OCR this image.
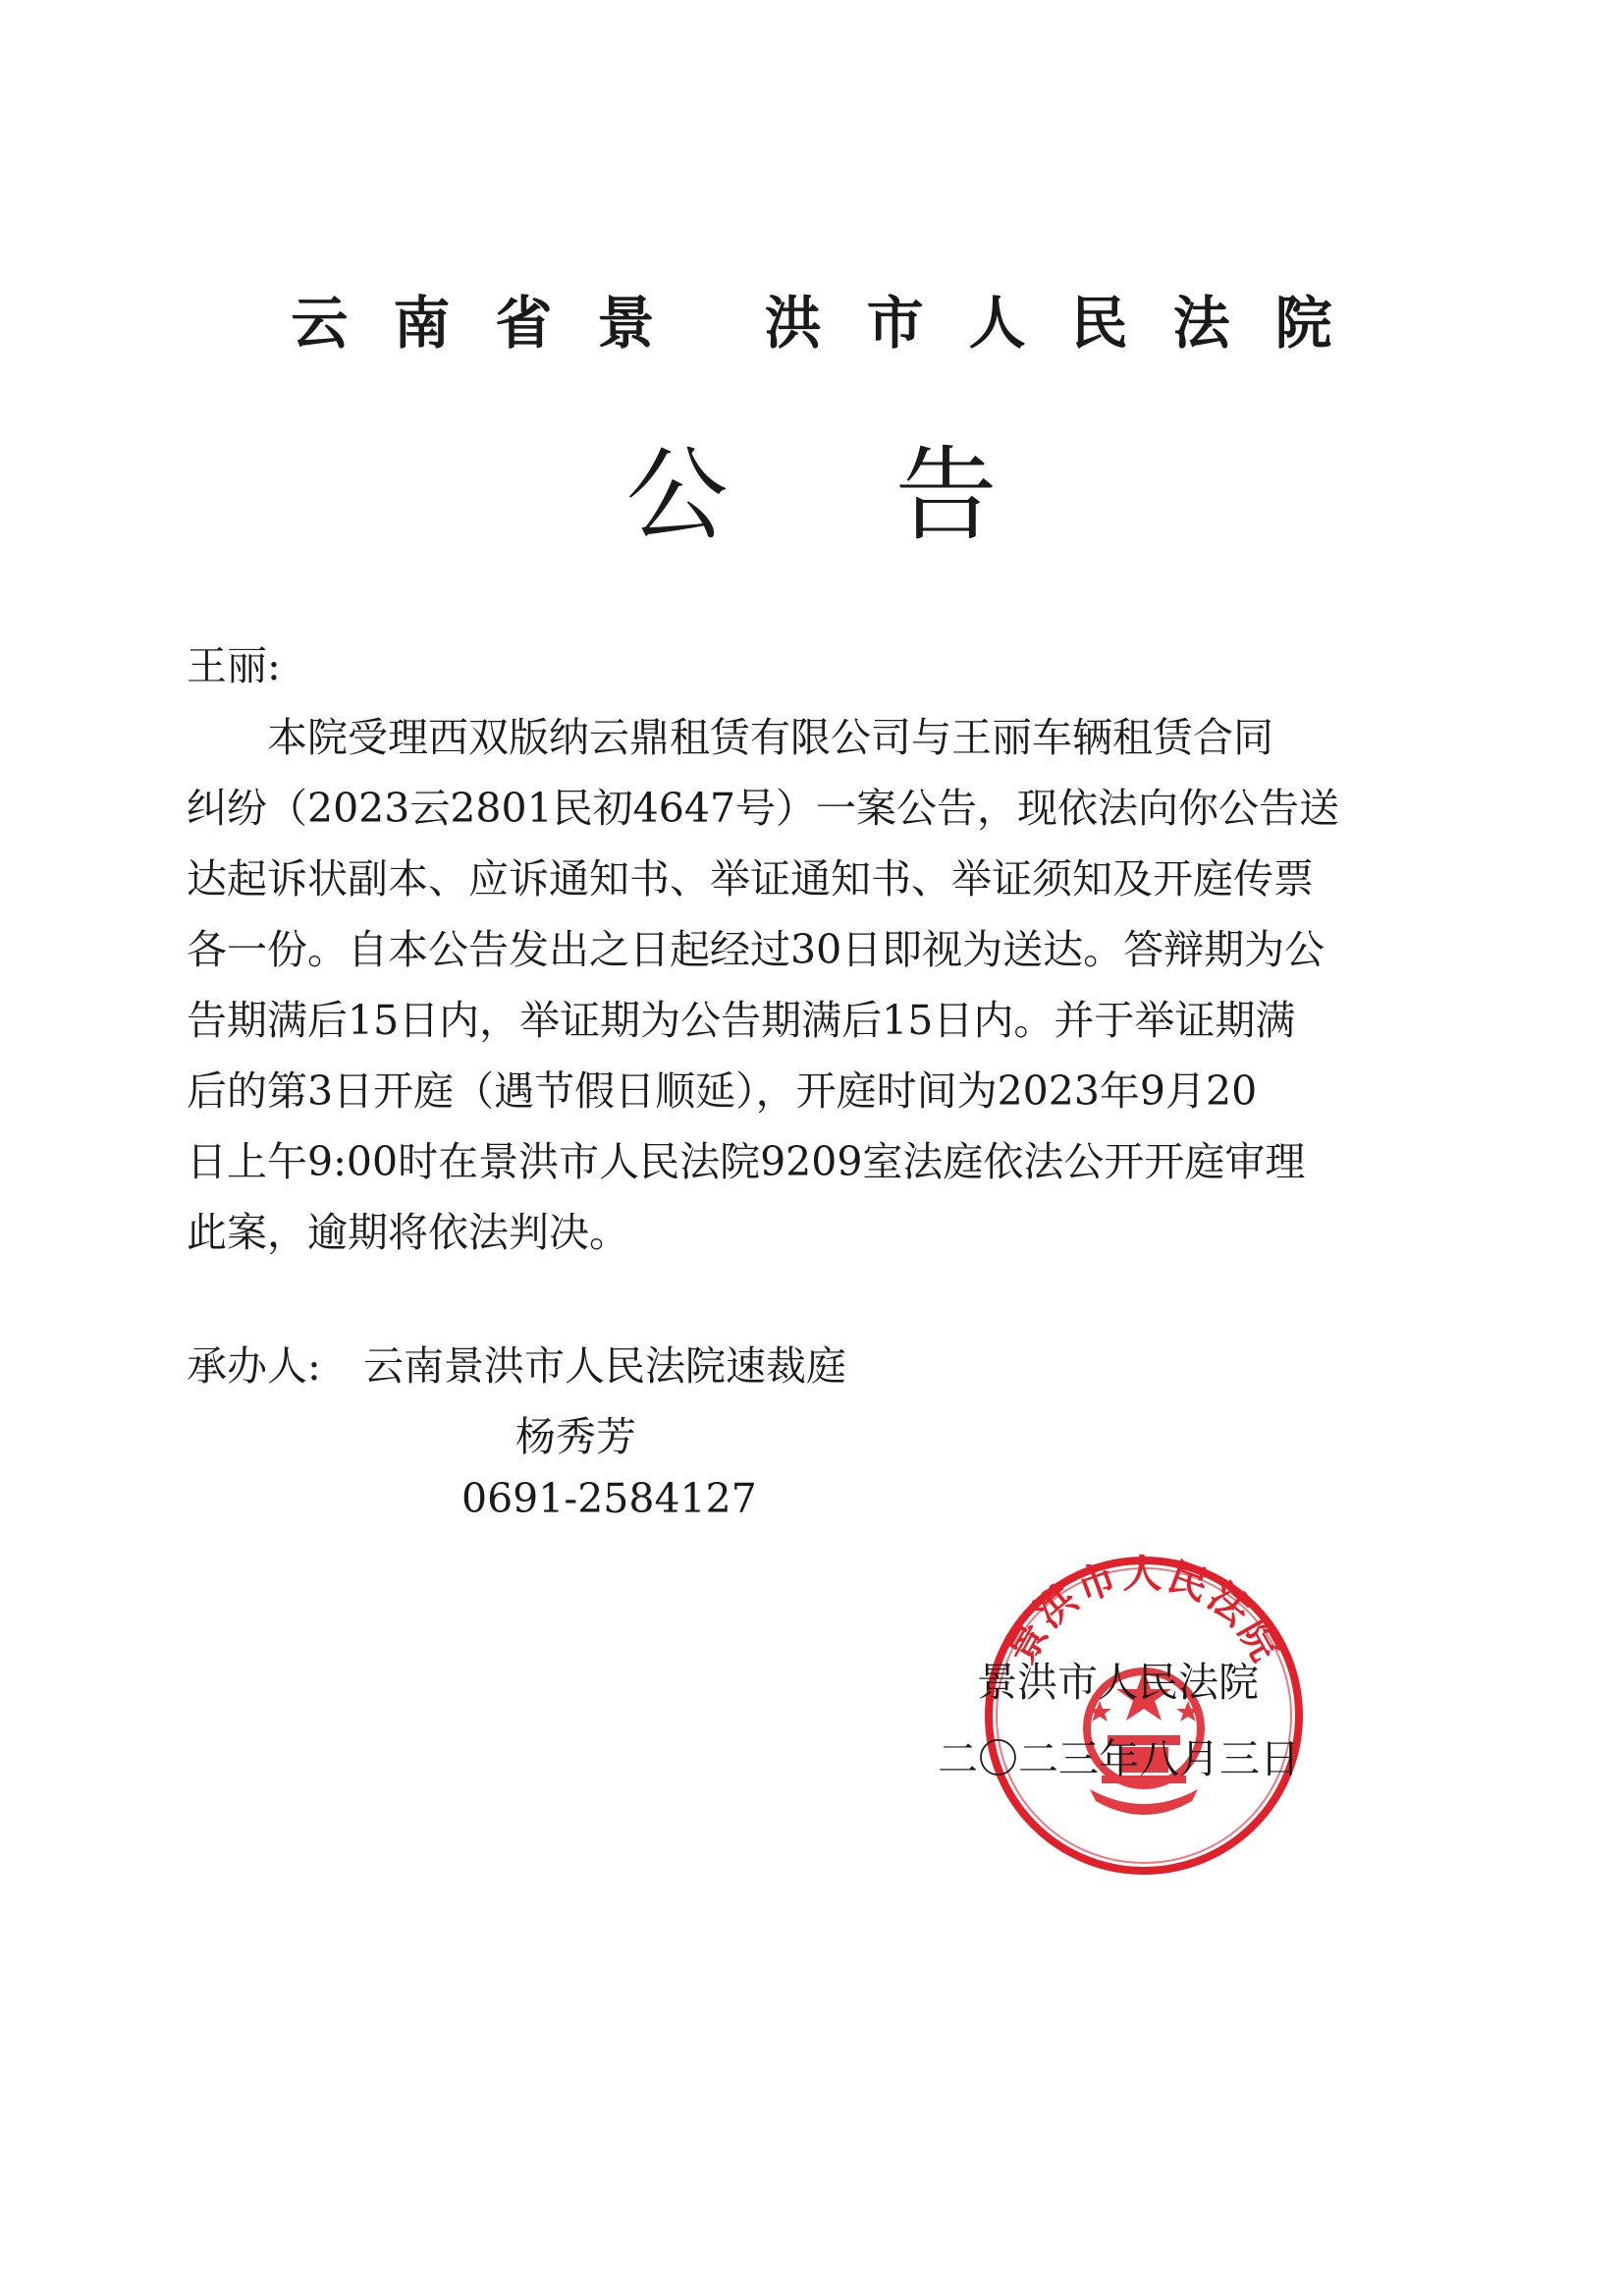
云南省景 洪市人民法院
公告
王丽:
　　本院受理西双版纳云鼎租赁有限公司与王丽车辆租赁合同
纠纷（2023云2801民初4647号）一案公告，现依法向你公告送
达起诉状副本、应诉通知书、举证通知书、举证须知及开庭传票
各一份。自本公告发出之日起经过30日即视为送达。答辩期为公
告期满后15日内，举证期为公告期满后15日内。并于举证期满
后的第3日开庭（遇节假日顺延），开庭时间为2023年9月20
日上午9:00时在景洪市人民法院9209室法庭依法公开开庭审理
此案，逾期将依法判决。
承办人: 云南景洪市人民法院速裁庭
杨秀芳
0691-2584127
景洪市人民法院
景洪市人民法院
二〇二三年八月三日
